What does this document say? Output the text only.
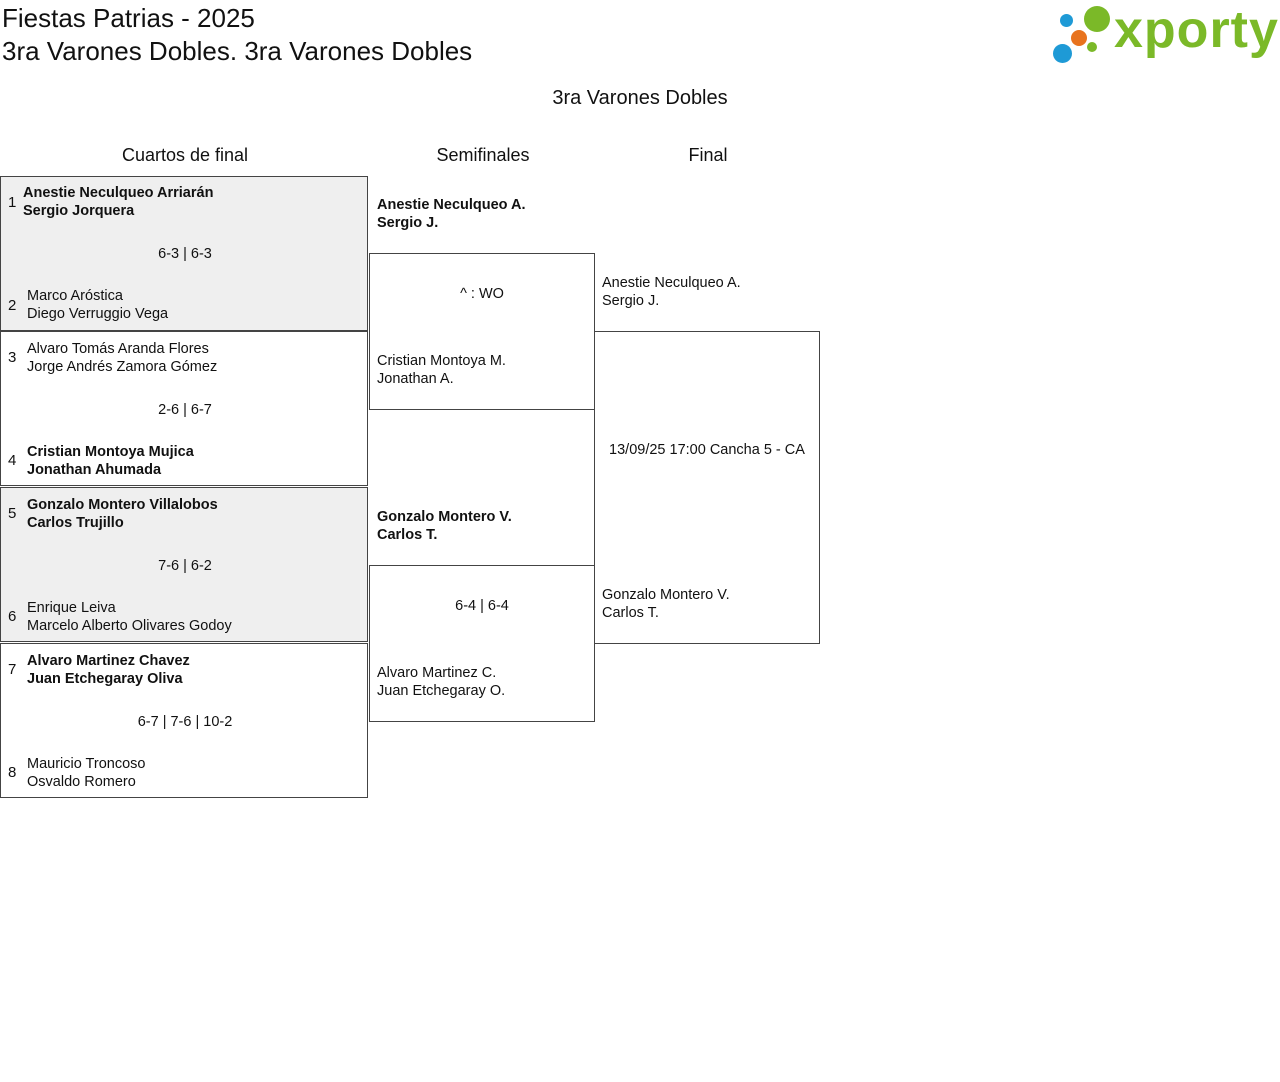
Fiestas Patrias - 2025
3ra Varones Dobles. 3ra Varones Dobles	xporty
3ra Varones Dobles
Cuartos de final	Semifinales	Final
1
Anestie Neculqueo Arriarán
Sergio Jorquera
6-3 | 6-3
2
Marco Aróstica
Diego Verruggio Vega
3 Alvaro Tomás Aranda Flores
Jorge Andrés Zamora Gómez
2-6 | 6-7
4 Cristian Montoya Mujica
Jonathan Ahumada
5 Gonzalo Montero Villalobos
Carlos Trujillo
7-6 | 6-2
6 Enrique Leiva
Marcelo Alberto Olivares Godoy
7 Alvaro Martinez Chavez
Juan Etchegaray Oliva
6-7 | 7-6 | 10-2
8 Mauricio Troncoso
Osvaldo Romero
Anestie Neculqueo A.
Sergio J.
^ : WO
Cristian Montoya M.
Jonathan A.
Gonzalo Montero V.
Carlos T.
6-4 | 6-4
Alvaro Martinez C.
Juan Etchegaray O.
Anestie Neculqueo A.
Sergio J.
13/09/25 17:00 Cancha 5 - CA
Gonzalo Montero V.
Carlos T.
